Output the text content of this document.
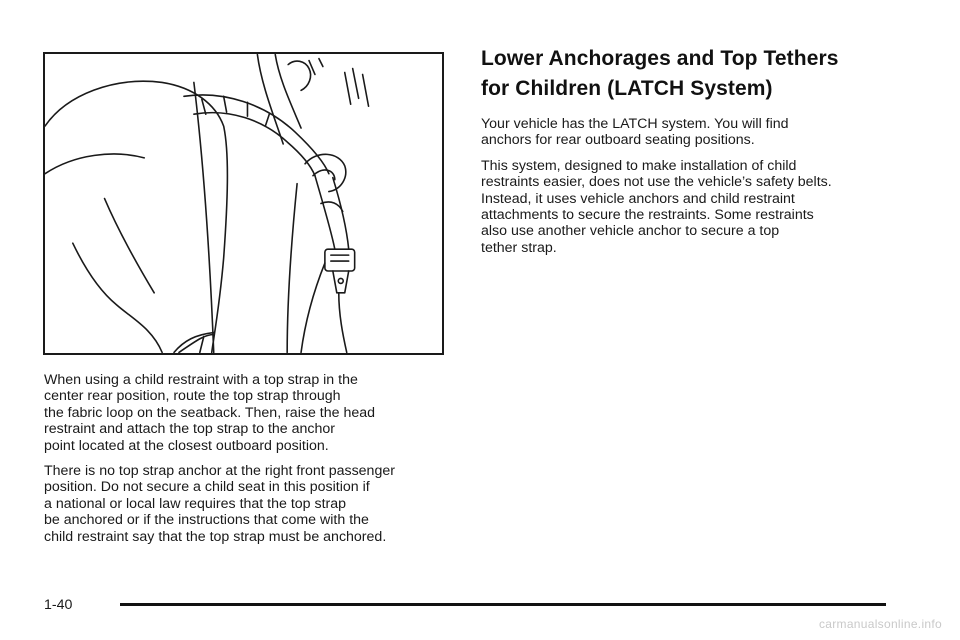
When using a child restraint with a top strap in the
center rear position, route the top strap through
the fabric loop on the seatback. Then, raise the head
restraint and attach the top strap to the anchor
point located at the closest outboard position.

There is no top strap anchor at the right front passenger
position. Do not secure a child seat in this position if
a national or local law requires that the top strap
be anchored or if the instructions that come with the
child restraint say that the top strap must be anchored.

Lower Anchorages and Top Tethers
for Children (LATCH System)

Your vehicle has the LATCH system. You will find
anchors for rear outboard seating positions.

This system, designed to make installation of child
restraints easier, does not use the vehicle’s safety belts.
Instead, it uses vehicle anchors and child restraint
attachments to secure the restraints. Some restraints
also use another vehicle anchor to secure a top
tether strap.

1-40
carmanualsonline.info
